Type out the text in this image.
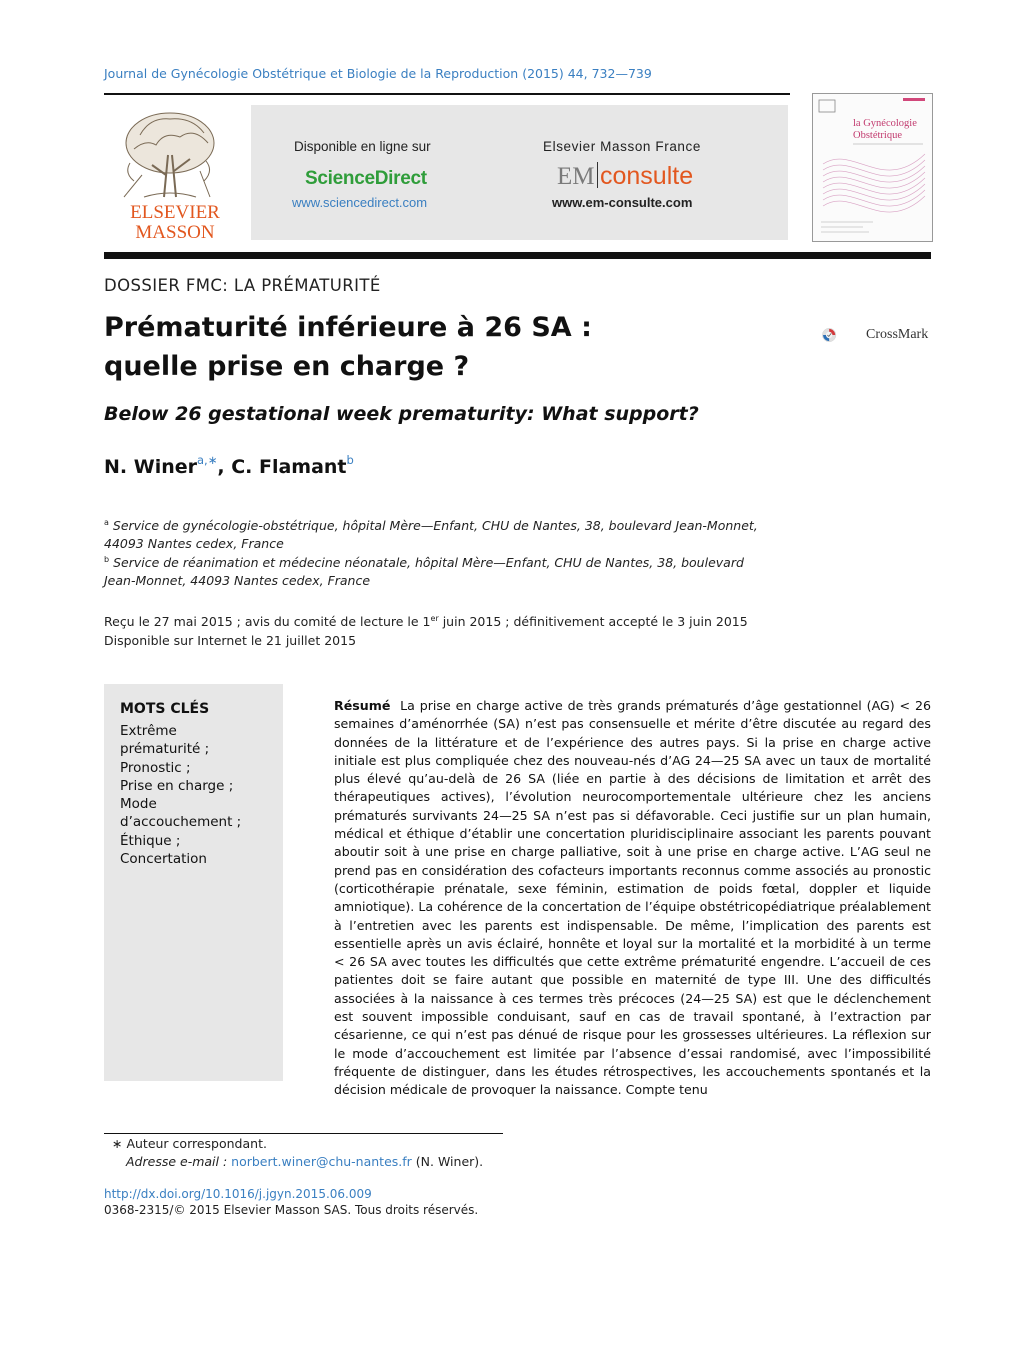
Journal de Gynécologie Obstétrique et Biologie de la Reproduction (2015) 44, 732—739
ELSEVIER
MASSON
Disponible en ligne sur
ScienceDirect
www.sciencedirect.com
Elsevier Masson France
EM consulte
www.em-consulte.com
la Gynécologie
Obstétrique
DOSSIER FMC: LA PRÉMATURITÉ
Prématurité inférieure à 26 SA :
quelle prise en charge ?
CrossMark
Below 26 gestational week prematurity: What support?
N. Winer$^{a,∗}$, C. Flamant$^b$
$^a$ Service de gynécologie-obstétrique, hôpital Mère—Enfant, CHU de Nantes, 38, boulevard Jean-Monnet,
44093 Nantes cedex, France
$^b$ Service de réanimation et médecine néonatale, hôpital Mère—Enfant, CHU de Nantes, 38, boulevard
Jean-Monnet, 44093 Nantes cedex, France
Reçu le 27 mai 2015 ; avis du comité de lecture le 1er juin 2015 ; définitivement accepté le 3 juin 2015
Disponible sur Internet le 21 juillet 2015
MOTS CLÉS
Extrême
prématurité ;
Pronostic ;
Prise en charge ;
Mode
d’accouchement ;
Éthique ;
Concertation
Résumé La prise en charge active de très grands prématurés d’âge gestationnel (AG) < 26 semaines d’aménorrhée (SA) n’est pas consensuelle et mérite d’être discutée au regard des données de la littérature et de l’expérience des autres pays. Si la prise en charge active initiale est plus compliquée chez des nouveau-nés d’AG 24—25 SA avec un taux de mortalité plus élevé qu’au-delà de 26 SA (liée en partie à des décisions de limitation et arrêt des thérapeutiques actives), l’évolution neurocomportementale ultérieure chez les anciens prématurés survivants 24—25 SA n’est pas si défavorable. Ceci justifie sur un plan humain, médical et éthique d’établir une concertation pluridisciplinaire associant les parents pouvant aboutir soit à une prise en charge palliative, soit à une prise en charge active. L’AG seul ne prend pas en considération des cofacteurs importants reconnus comme associés au pronostic (corticothérapie prénatale, sexe féminin, estimation de poids fœtal, doppler et liquide amniotique). La cohérence de la concertation de l’équipe obstétricopédiatrique préalablement à l’entretien avec les parents est indispensable. De même, l’implication des parents est essentielle après un avis éclairé, honnête et loyal sur la mortalité et la morbidité à un terme < 26 SA avec toutes les difficultés que cette extrême prématurité engendre. L’accueil de ces patientes doit se faire autant que possible en maternité de type III. Une des difficultés associées à la naissance à ces termes très précoces (24—25 SA) est que le déclenchement est souvent impossible conduisant, sauf en cas de travail spontané, à l’extraction par césarienne, ce qui n’est pas dénué de risque pour les grossesses ultérieures. La réflexion sur le mode d’accouchement est limitée par l’absence d’essai randomisé, avec l’impossibilité fréquente de distinguer, dans les études rétrospectives, les accouchements spontanés et la décision médicale de provoquer la naissance. Compte tenu
∗ Auteur correspondant.
Adresse e-mail : norbert.winer@chu-nantes.fr (N. Winer).
http://dx.doi.org/10.1016/j.jgyn.2015.06.009
0368-2315/© 2015 Elsevier Masson SAS. Tous droits réservés.
